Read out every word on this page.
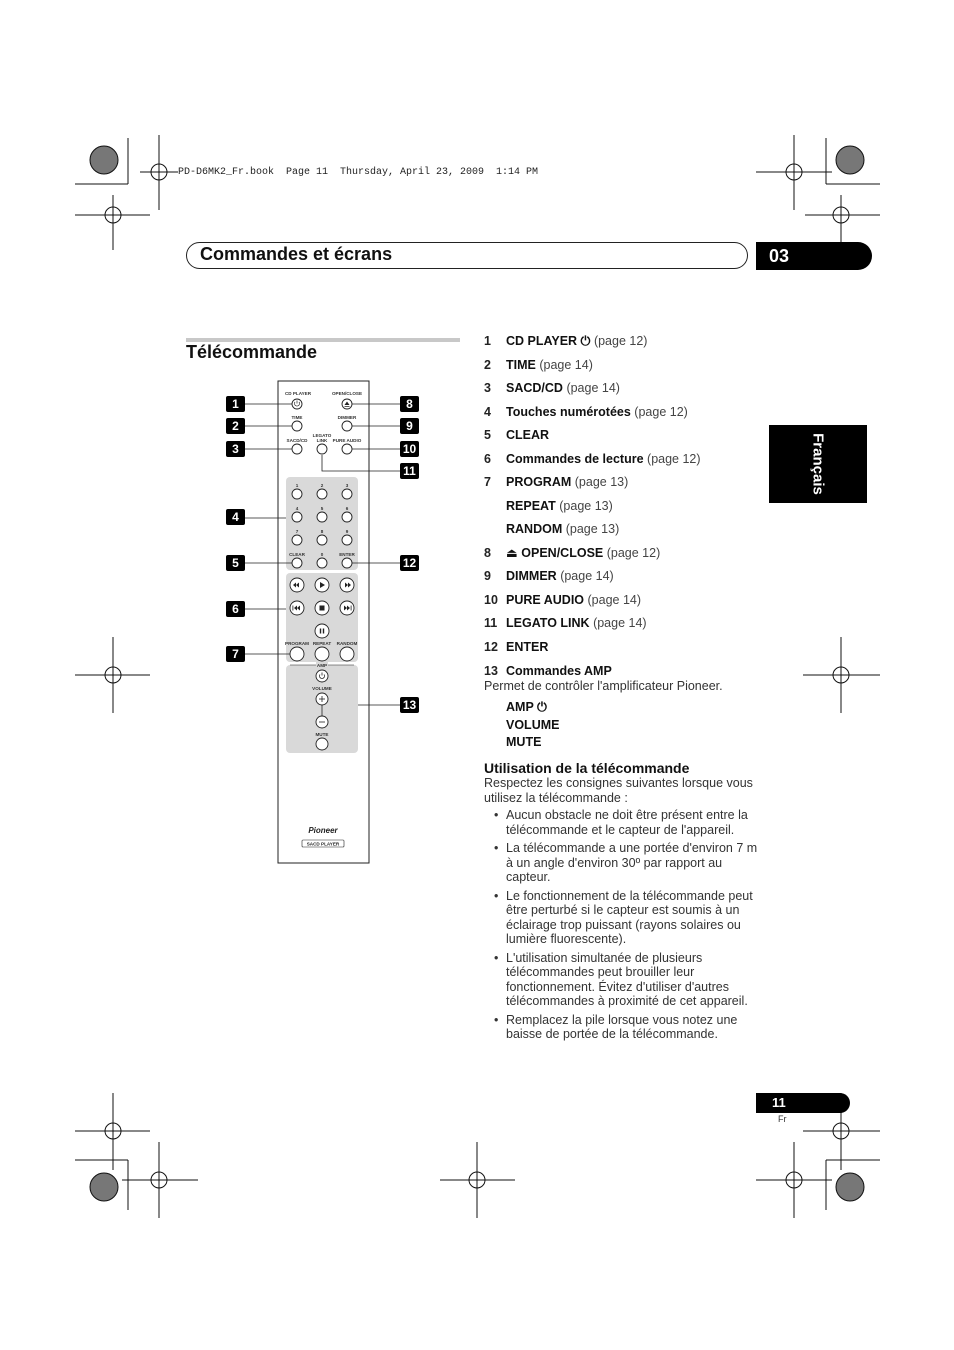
PD-D6MK2_Fr.book  Page 11  Thursday, April 23, 2009  1:14 PM
Commandes et écrans	03
Français
Télécommande
CD PLAYER	OPEN/CLOSE
TIME	DIMMER
SACD/CD
LEGATO
LINK PURE AUDIO
1	2	3
4	5	6
7	8	9
0
CLEAR	ENTER
PROGRAM REPEAT RANDOM
AMP
VOLUME
MUTE
Pioneer
SACD PLAYER
1
2
3
4
5
6
7
8
9
10
11
12
13
1 CD PLAYER ⏻ (page 12)
2 TIME (page 14)
3 SACD/CD (page 14)
4 Touches numérotées (page 12)
5 CLEAR
6 Commandes de lecture (page 12)
7 PROGRAM (page 13)
REPEAT (page 13)
RANDOM (page 13)
8 ⏏ OPEN/CLOSE (page 12)
9 DIMMER (page 14)
10 PURE AUDIO (page 14)
11 LEGATO LINK (page 14)
12 ENTER
13 Commandes AMP
Permet de contrôler l'amplificateur Pioneer.
AMP ⏻
VOLUME
MUTE
Utilisation de la télécommande
Respectez les consignes suivantes lorsque vous utilisez la télécommande :
• Aucun obstacle ne doit être présent entre la télécommande et le capteur de l'appareil.
• La télécommande a une portée d'environ 7 m à un angle d'environ 30º par rapport au capteur.
• Le fonctionnement de la télécommande peut être perturbé si le capteur est soumis à un éclairage trop puissant (rayons solaires ou lumière fluorescente).
• L'utilisation simultanée de plusieurs télécommandes peut brouiller leur fonctionnement. Évitez d'utiliser d'autres télécommandes à proximité de cet appareil.
• Remplacez la pile lorsque vous notez une baisse de portée de la télécommande.
11
Fr
